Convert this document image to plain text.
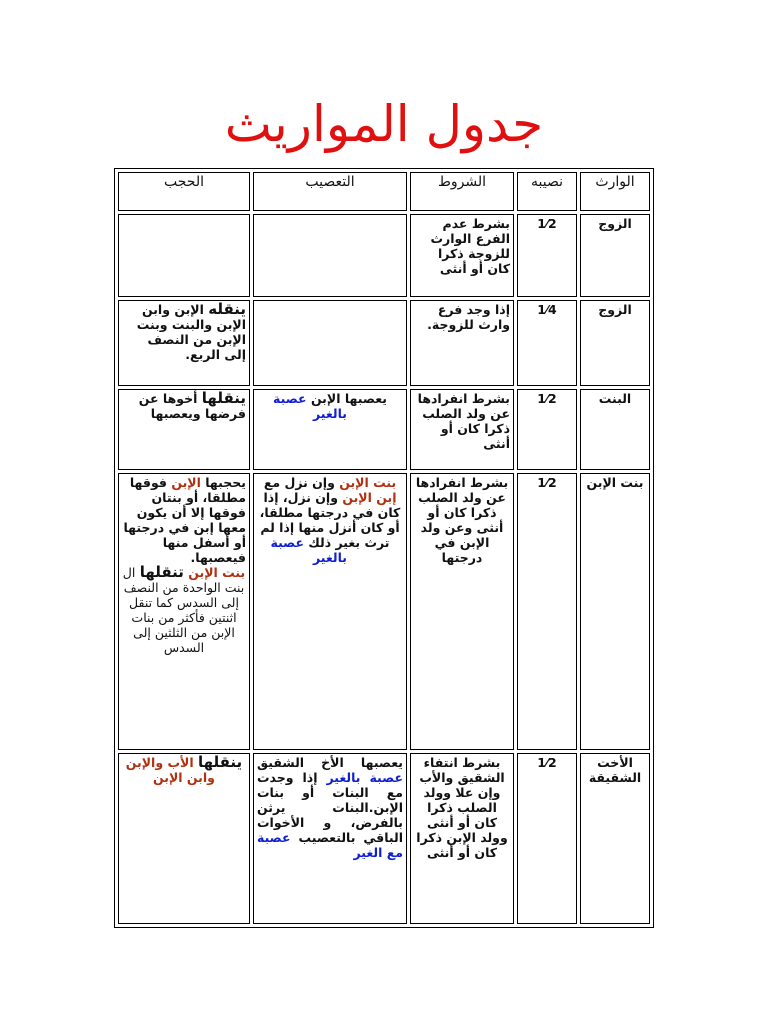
جدول المواريث
الوارث	نصيبه	الشروط	التعصيب	الحجب
الزوج	1⁄2	بشرط عدم الفرع الوارث للزوجة ذكرا كان أو أنثى		
الزوج	1⁄4	إذا وجد فرع وارث للزوجة.		ينقله الإبن وابن الإبن والبنت وبنت الإبن من النصف إلى الربع.
البنت	1⁄2	بشرط انفرادها عن ولد الصلب ذكرا كان أو أنثى	يعصبها الإبن عصبة بالغير	ينقلها أخوها عن فرضها ويعصبها
بنت الإبن	1⁄2	بشرط انفرادها عن ولد الصلب ذكرا كان أو أنثى وعن ولد الإبن في درجتها	بنت الإبن وإن نزل مع إبن الإبن وإن نزل، إذا كان في درجتها مطلقا، أو كان أنزل منها إذا لم ترث بغير ذلك عصبة بالغير	يحجبها الإبن فوقها مطلقا، أو بنتان فوقها إلا أن يكون معها إبن في درجتها أو أسفل منها فيعصبها.
بنت الإبن تنقلها ال بنت الواحدة من النصف إلى السدس كما تنقل اثنتين فأكثر من بنات الإبن من الثلثين إلى السدس

الأخت الشقيقة	1⁄2	بشرط انتفاء الشقيق والأب وإن علا وولد الصلب ذكرا كان أو أنثى وولد الإبن ذكرا كان أو أنثى	يعصبها الأخ الشقيق عصبة بالغير إذا وجدت مع البنات أو بنات الإبن.البنات يرثن بالفرض، و الأخوات الباقي بالتعصيب عصبة مع الغير	ينقلها الأب والإبن وابن الإبن
